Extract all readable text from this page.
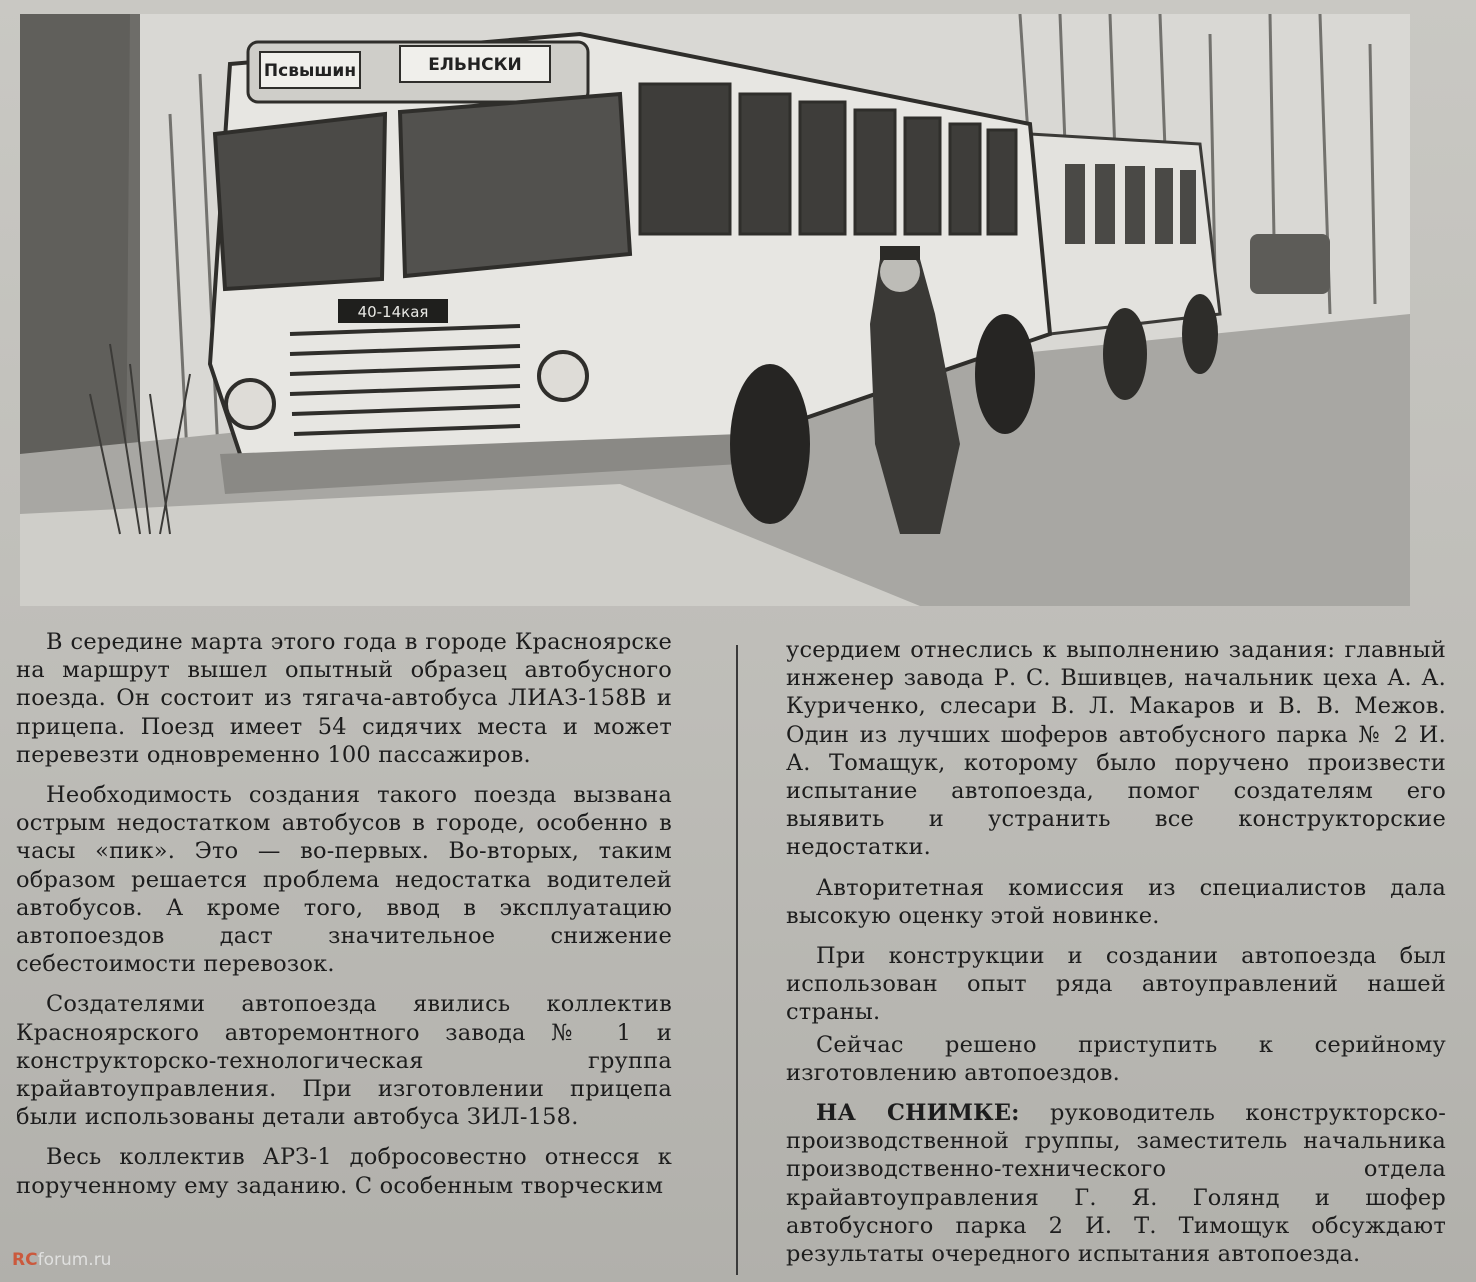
Псвышин	ЕЛЬНСКИ
40-14кая

В середине марта этого года в городе Красноярске на маршрут вышел опытный образец автобусного поезда. Он состоит из тягача-автобуса ЛИАЗ-158В и прицепа. Поезд имеет 54 сидячих места и может перевезти одновременно 100 пассажиров.

Необходимость создания такого поезда вызвана острым недостатком автобусов в городе, особенно в часы «пик». Это — во-первых. Во-вторых, таким образом решается проблема недостатка водителей автобусов. А кроме того, ввод в эксплуатацию автопоездов даст значительное снижение себестоимости перевозок.

Создателями автопоезда явились коллектив Красноярского авторемонтного завода № 1 и конструкторско-технологическая группа крайавтоуправления. При изготовлении прицепа были использованы детали автобуса ЗИЛ-158.

Весь коллектив АРЗ-1 добросовестно отнесся к порученному ему заданию. С особенным творческим

усердием отнеслись к выполнению задания: главный инженер завода Р. С. Вшивцев, начальник цеха А. А. Куриченко, слесари В. Л. Макаров и В. В. Межов. Один из лучших шоферов автобусного парка № 2 И. А. Томащук, которому было поручено произвести испытание автопоезда, помог создателям его выявить и устранить все конструкторские недостатки.

Авторитетная комиссия из специалистов дала высокую оценку этой новинке.

При конструкции и создании автопоезда был использован опыт ряда автоуправлений нашей страны.

Сейчас решено приступить к серийному изготовлению автопоездов.

НА СНИМКЕ: руководитель конструкторско-производственной группы, заместитель начальника производственно-технического отдела крайавтоуправления Г. Я. Голянд и шофер автобусного парка 2 И. Т. Тимощук обсуждают результаты очередного испытания автопоезда.

RCforum.ru
